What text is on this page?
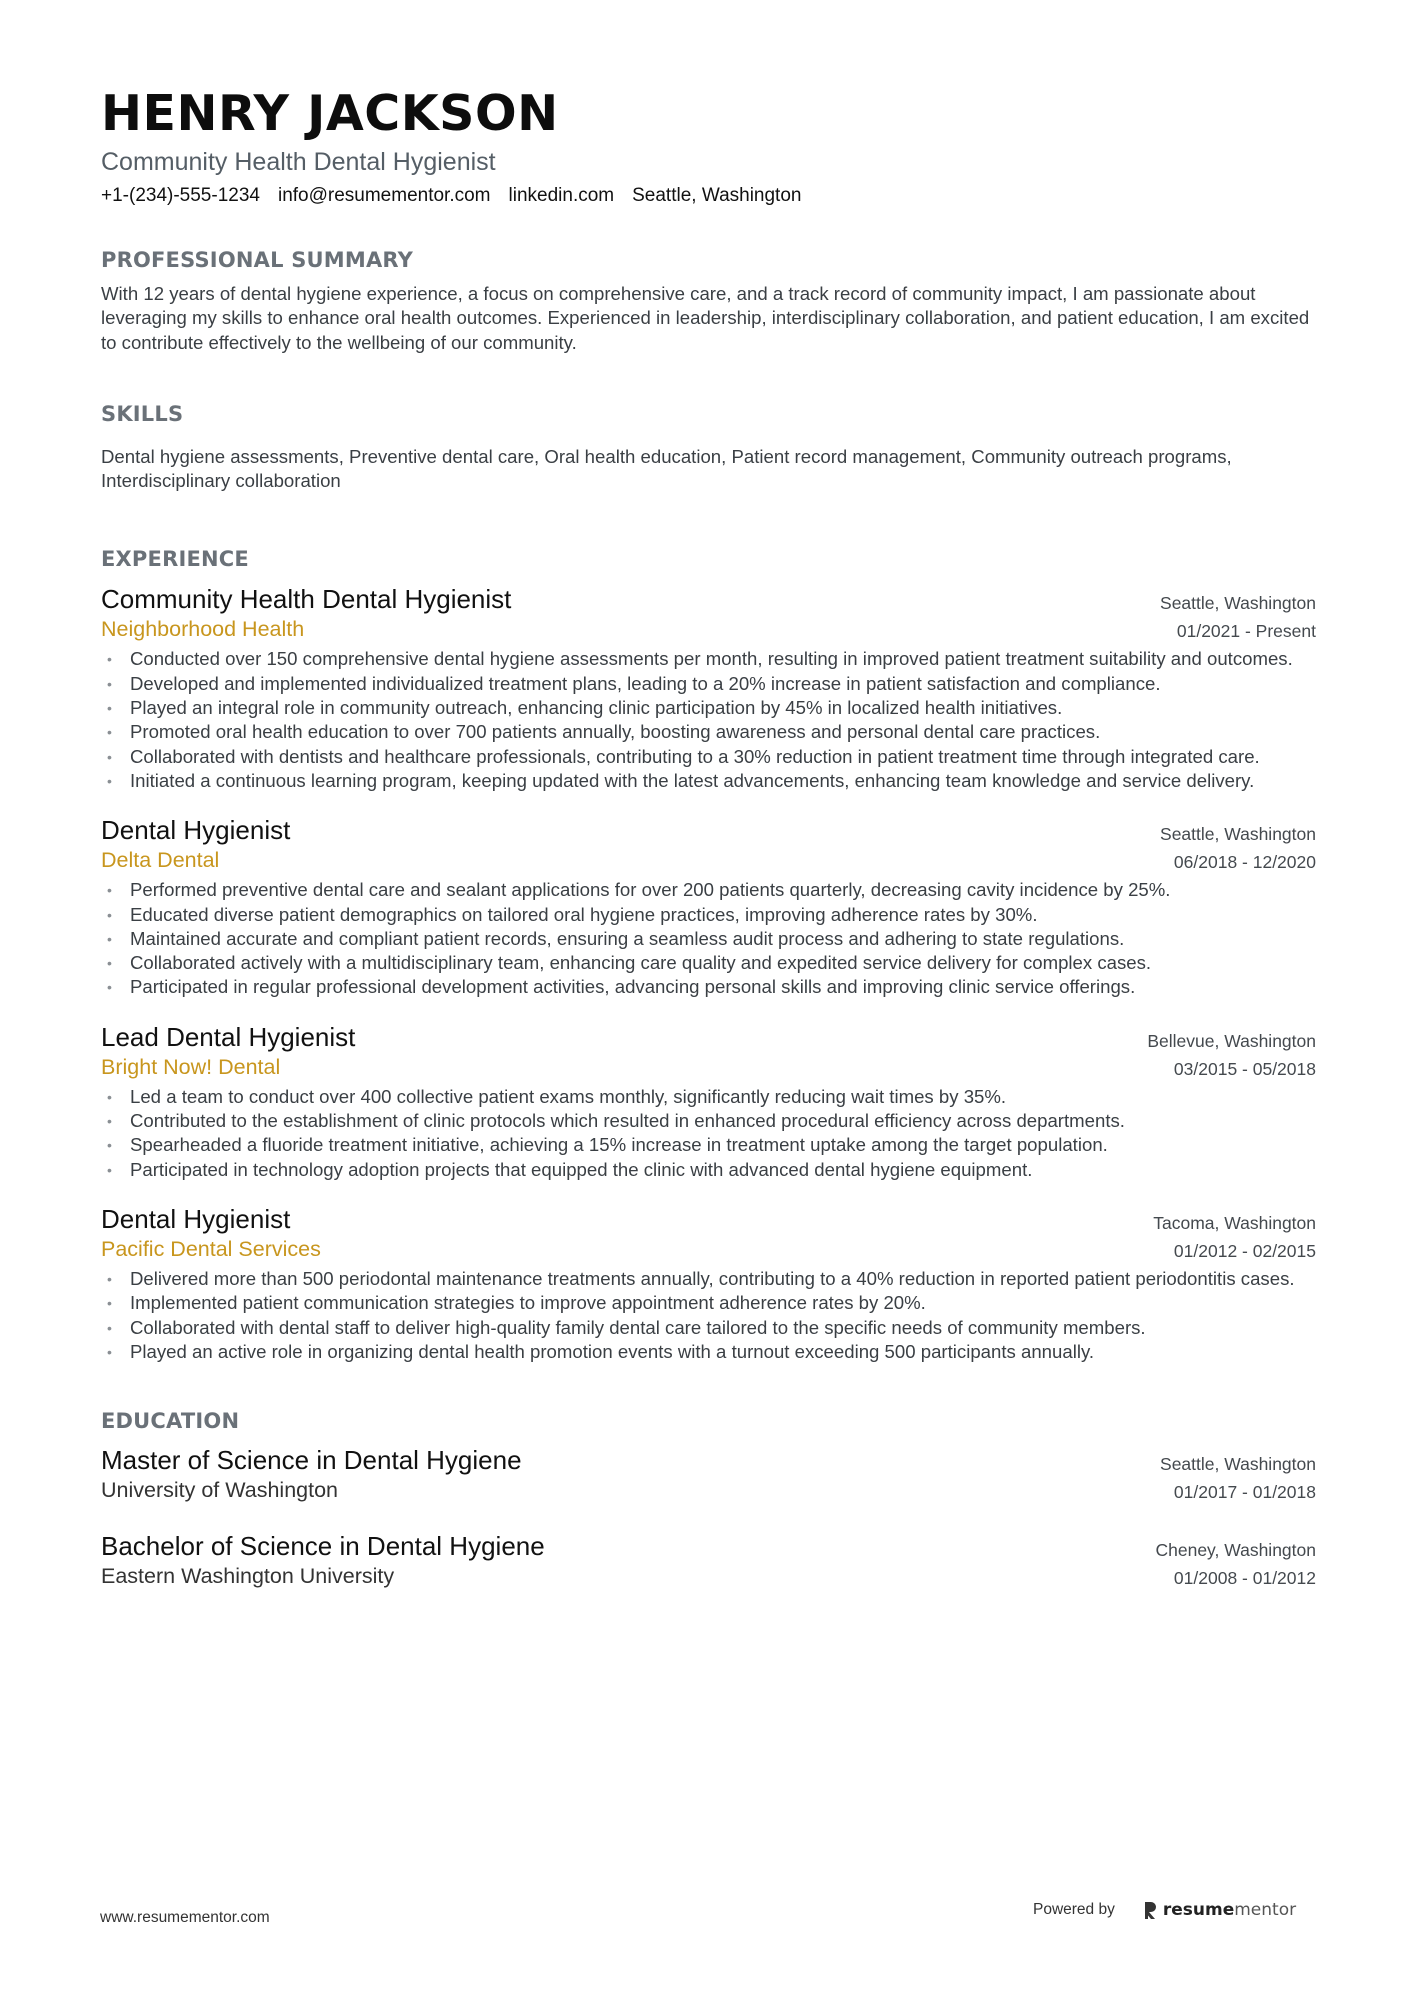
HENRY JACKSON
Community Health Dental Hygienist
+1-(234)-555-1234 info@resumementor.com linkedin.com Seattle, Washington
PROFESSIONAL SUMMARY
With 12 years of dental hygiene experience, a focus on comprehensive care, and a track record of community impact, I am passionate about leveraging my skills to enhance oral health outcomes. Experienced in leadership, interdisciplinary collaboration, and patient education, I am excited to contribute effectively to the wellbeing of our community.
SKILLS
Dental hygiene assessments, Preventive dental care, Oral health education, Patient record management, Community outreach programs, Interdisciplinary collaboration
EXPERIENCE
Community Health Dental Hygienist	Seattle, Washington
Neighborhood Health	01/2021 - Present
• Conducted over 150 comprehensive dental hygiene assessments per month, resulting in improved patient treatment suitability and outcomes.
• Developed and implemented individualized treatment plans, leading to a 20% increase in patient satisfaction and compliance.
• Played an integral role in community outreach, enhancing clinic participation by 45% in localized health initiatives.
• Promoted oral health education to over 700 patients annually, boosting awareness and personal dental care practices.
• Collaborated with dentists and healthcare professionals, contributing to a 30% reduction in patient treatment time through integrated care.
• Initiated a continuous learning program, keeping updated with the latest advancements, enhancing team knowledge and service delivery.
Dental Hygienist	Seattle, Washington
Delta Dental	06/2018 - 12/2020
• Performed preventive dental care and sealant applications for over 200 patients quarterly, decreasing cavity incidence by 25%.
• Educated diverse patient demographics on tailored oral hygiene practices, improving adherence rates by 30%.
• Maintained accurate and compliant patient records, ensuring a seamless audit process and adhering to state regulations.
• Collaborated actively with a multidisciplinary team, enhancing care quality and expedited service delivery for complex cases.
• Participated in regular professional development activities, advancing personal skills and improving clinic service offerings.
Lead Dental Hygienist	Bellevue, Washington
Bright Now! Dental	03/2015 - 05/2018
• Led a team to conduct over 400 collective patient exams monthly, significantly reducing wait times by 35%.
• Contributed to the establishment of clinic protocols which resulted in enhanced procedural efficiency across departments.
• Spearheaded a fluoride treatment initiative, achieving a 15% increase in treatment uptake among the target population.
• Participated in technology adoption projects that equipped the clinic with advanced dental hygiene equipment.
Dental Hygienist	Tacoma, Washington
Pacific Dental Services	01/2012 - 02/2015
• Delivered more than 500 periodontal maintenance treatments annually, contributing to a 40% reduction in reported patient periodontitis cases.
• Implemented patient communication strategies to improve appointment adherence rates by 20%.
• Collaborated with dental staff to deliver high-quality family dental care tailored to the specific needs of community members.
• Played an active role in organizing dental health promotion events with a turnout exceeding 500 participants annually.
EDUCATION
Master of Science in Dental Hygiene	Seattle, Washington
University of Washington	01/2017 - 01/2018
Bachelor of Science in Dental Hygiene	Cheney, Washington
Eastern Washington University	01/2008 - 01/2012
www.resumementor.com	Powered by	resumementor
